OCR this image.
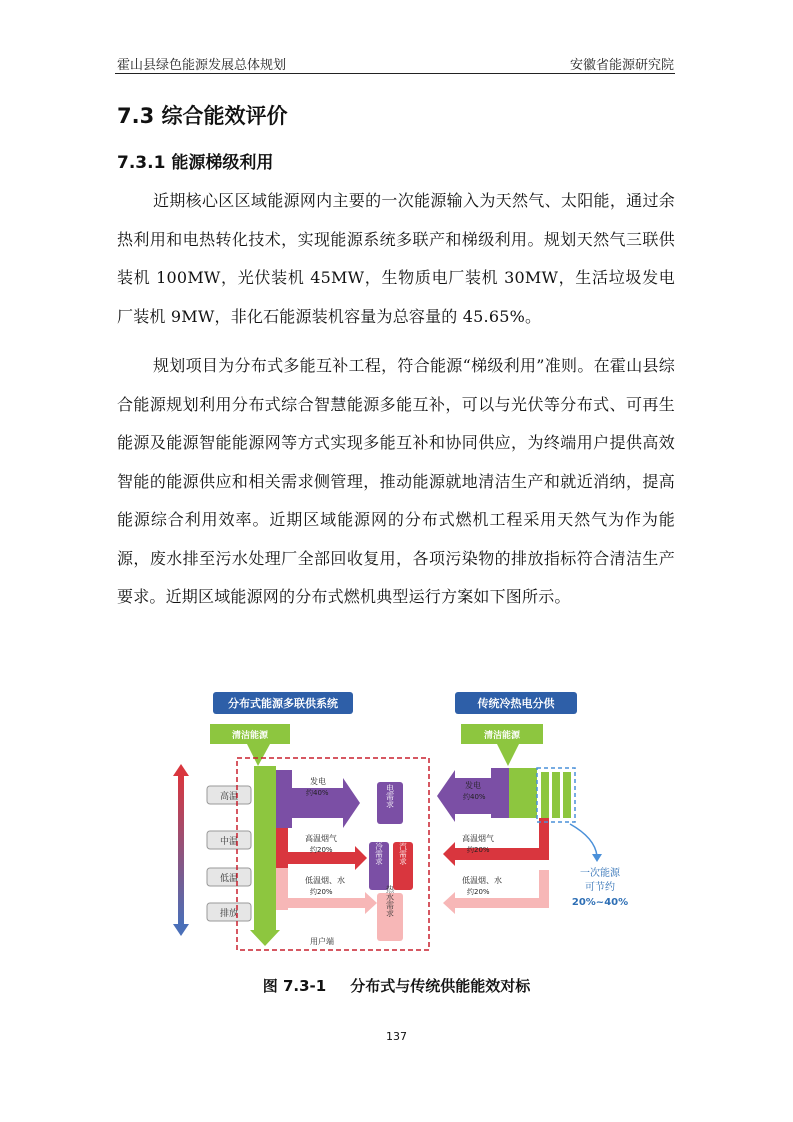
霍山县绿色能源发展总体规划	安徽省能源研究院
7.3 综合能效评价
7.3.1 能源梯级利用

近期核心区区域能源网内主要的一次能源输入为天然气、太阳能，通过余热利用和电热转化技术，实现能源系统多联产和梯级利用。规划天然气三联供装机 100MW，光伏装机 45MW，生物质电厂装机 30MW，生活垃圾发电厂装机 9MW，非化石能源装机容量为总容量的 45.65%。

规划项目为分布式多能互补工程，符合能源“梯级利用”准则。在霍山县综合能源规划利用分布式综合智慧能源多能互补，可以与光伏等分布式、可再生能源及能源智能能源网等方式实现多能互补和协同供应，为终端用户提供高效智能的能源供应和相关需求侧管理，推动能源就地清洁生产和就近消纳，提高能源综合利用效率。近期区域能源网的分布式燃机工程采用天然气为作为能源，废水排至污水处理厂全部回收复用，各项污染物的排放指标符合清洁生产要求。近期区域能源网的分布式燃机典型运行方案如下图所示。

分布式能源多联供系统	传统冷热电分供
清洁能源	清洁能源
高温
中温
低温
排放
发电
约40%
高温烟气
约20%
低温烟、水
约20%
用户端
电需求
制冷需求 蒸汽需求
热水需求
发电
约40%
高温烟气
约20%
低温烟、水
约20%
一次能源
可节约
20%~40%
图 7.3-1 分布式与传统供能能效对标
137
